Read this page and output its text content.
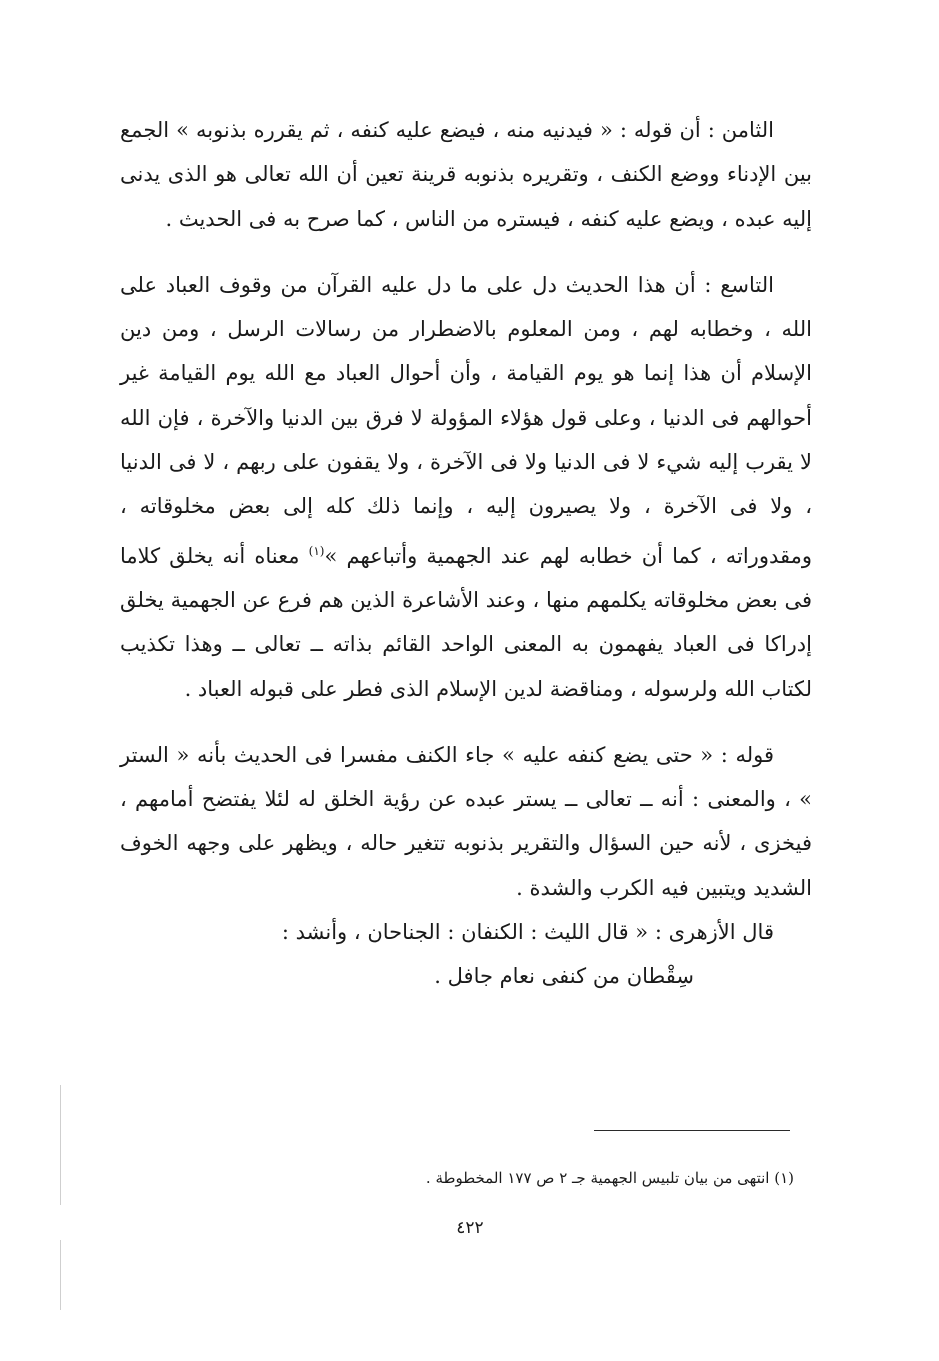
الثامن : أن قوله : « فيدنيه منه ، فيضع عليه كنفه ، ثم يقرره بذنوبه » الجمع بين الإدناء ووضع الكنف ، وتقريره بذنوبه قرينة تعين أن الله تعالى هو الذى يدنى إليه عبده ، ويضع عليه كنفه ، فيستره من الناس ، كما صرح به فى الحديث .

التاسع : أن هذا الحديث دل على ما دل عليه القرآن من وقوف العباد على الله ، وخطابه لهم ، ومن المعلوم بالاضطرار من رسالات الرسل ، ومن دين الإسلام أن هذا إنما هو يوم القيامة ، وأن أحوال العباد مع الله يوم القيامة غير أحوالهم فى الدنيا ، وعلى قول هؤلاء المؤولة لا فرق بين الدنيا والآخرة ، فإن الله لا يقرب إليه شيء لا فى الدنيا ولا فى الآخرة ، ولا يقفون على ربهم ، لا فى الدنيا ، ولا فى الآخرة ، ولا يصيرون إليه ، وإنما ذلك كله إلى بعض مخلوقاته ، ومقدوراته ، كما أن خطابه لهم عند الجهمية وأتباعهم »$^{(١)}$ معناه أنه يخلق كلاما فى بعض مخلوقاته يكلمهم منها ، وعند الأشاعرة الذين هم فرع عن الجهمية يخلق إدراكا فى العباد يفهمون به المعنى الواحد القائم بذاته ــ تعالى ــ وهذا تكذيب لكتاب الله ولرسوله ، ومناقضة لدين الإسلام الذى فطر على قبوله العباد .

قوله : « حتى يضع كنفه عليه » جاء الكنف مفسرا فى الحديث بأنه « الستر » ، والمعنى : أنه ــ تعالى ــ يستر عبده عن رؤية الخلق له لئلا يفتضح أمامهم ، فيخزى ، لأنه حين السؤال والتقرير بذنوبه تتغير حاله ، ويظهر على وجهه الخوف الشديد ويتبين فيه الكرب والشدة .

قال الأزهرى : « قال الليث : الكنفان : الجناحان ، وأنشد :

سِقْطان من كنفى نعام جافل .

(١) انتهى من بيان تلبيس الجهمية جـ ٢ ص ١٧٧ المخطوطة .
٤٢٢
